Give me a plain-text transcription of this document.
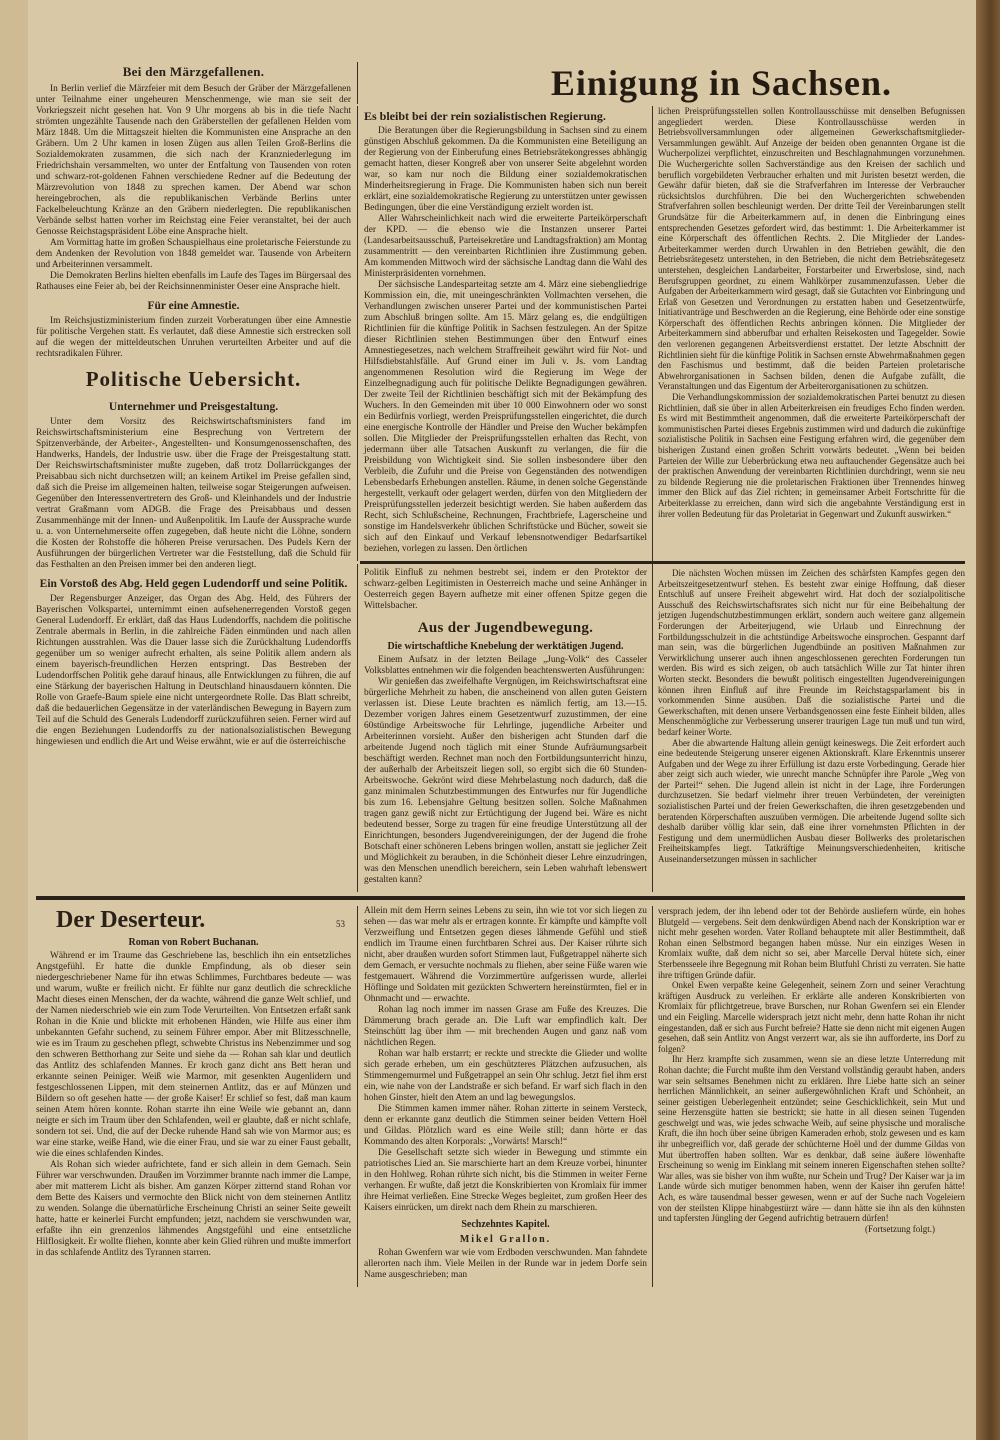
Bei den Märzgefallenen.

In Berlin verlief die Märzfeier mit dem Besuch der Gräber der Märzgefallenen unter Teilnahme einer ungeheuren Menschenmenge, wie man sie seit der Vorkriegszeit nicht gesehen hat. Von 9 Uhr morgens ab bis in die tiefe Nacht strömten ungezählte Tausende nach den Gräberstellen der gefallenen Helden vom März 1848. Um die Mittagszeit hielten die Kommunisten eine Ansprache an den Gräbern. Um 2 Uhr kamen in losen Zügen aus allen Teilen Groß-Berlins die Sozialdemokraten zusammen, die sich nach der Kranzniederlegung im Friedrichshain versammelten, wo unter der Entfaltung von Tausenden von roten und schwarz-rot-goldenen Fahnen verschiedene Redner auf die Bedeutung der Märzrevolution von 1848 zu sprechen kamen. Der Abend war schon hereingebrochen, als die republikanischen Verbände Berlins unter Fackelbeleuchtung Kränze an den Gräbern niederlegten. Die republikanischen Verbände selbst hatten vorher im Reichstag eine Feier veranstaltet, bei der auch Genosse Reichstagspräsident Löbe eine Ansprache hielt.

Am Vormittag hatte im großen Schauspielhaus eine proletarische Feierstunde zu dem Andenken der Revolution von 1848 gemeldet war. Tausende von Arbeitern und Arbeiterinnen versammelt.

Die Demokraten Berlins hielten ebenfalls im Laufe des Tages im Bürgersaal des Rathauses eine Feier ab, bei der Reichsinnenminister Oeser eine Ansprache hielt.

Für eine Amnestie.

Im Reichsjustizministerium finden zurzeit Vorberatungen über eine Amnestie für politische Vergehen statt. Es verlautet, daß diese Amnestie sich erstrecken soll auf die wegen der mitteldeutschen Unruhen verurteilten Arbeiter und auf die rechtsradikalen Führer.

Politische Uebersicht.
Unternehmer und Preisgestaltung.

Unter dem Vorsitz des Reichswirtschaftsministers fand im Reichswirtschaftsministerium eine Besprechung von Vertretern der Spitzenverbände, der Arbeiter-, Angestellten- und Konsumgenossenschaften, des Handwerks, Handels, der Industrie usw. über die Frage der Preisgestaltung statt. Der Reichswirtschaftsminister mußte zugeben, daß trotz Dollarrückganges der Preisabbau sich nicht durchsetzen will; an keinem Artikel im Preise gefallen sind, daß sich die Preise im allgemeinen halten, teilweise sogar Steigerungen aufweisen. Gegenüber den Interessenvertretern des Groß- und Kleinhandels und der Industrie vertrat Graßmann vom ADGB. die Frage des Preisabbaus und dessen Zusammenhänge mit der Innen- und Außenpolitik. Im Laufe der Aussprache wurde u. a. von Unternehmerseite offen zugegeben, daß heute nicht die Löhne, sondern die Kosten der Rohstoffe die höheren Preise verursachen. Des Pudels Kern der Ausführungen der bürgerlichen Vertreter war die Feststellung, daß die Schuld für das Festhalten an den Preisen immer bei den anderen liegt.

Ein Vorstoß des Abg. Held gegen Ludendorff und seine Politik.

Der Regensburger Anzeiger, das Organ des Abg. Held, des Führers der Bayerischen Volkspartei, unternimmt einen aufsehenerregenden Vorstoß gegen General Ludendorff. Er erklärt, daß das Haus Ludendorffs, nachdem die politische Zentrale abermals in Berlin, in die zahlreiche Fäden einmünden und nach allen Richtungen ausstrahlen. Was die Dauer lasse sich die Zurückhaltung Ludendorffs gegenüber um so weniger aufrecht erhalten, als seine Politik allem andern als einem bayerisch-freundlichen Herzen entspringt. Das Bestreben der Ludendorffschen Politik gehe darauf hinaus, alle Entwicklungen zu führen, die auf eine Stärkung der bayerischen Haltung in Deutschland hinausdauern könnten. Die Rolle von Graefe-Baum spiele eine nicht untergeordnete Rolle. Das Blatt schreibt, daß die bedauerlichen Gegensätze in der vaterländischen Bewegung in Bayern zum Teil auf die Schuld des Generals Ludendorff zurückzuführen seien. Ferner wird auf die engen Beziehungen Ludendorffs zu der nationalsozialistischen Bewegung hingewiesen und endlich die Art und Weise erwähnt, wie er auf die österreichische

Einigung in Sachsen.
Es bleibt bei der rein sozialistischen Regierung.

Die Beratungen über die Regierungsbildung in Sachsen sind zu einem günstigen Abschluß gekommen. Da die Kommunisten eine Beteiligung an der Regierung von der Einberufung eines Betriebsrätekongresses abhängig gemacht hatten, dieser Kongreß aber von unserer Seite abgelehnt worden war, so kam nur noch die Bildung einer sozialdemokratischen Minderheitsregierung in Frage. Die Kommunisten haben sich nun bereit erklärt, eine sozialdemokratische Regierung zu unterstützen unter gewissen Bedingungen, über die eine Verständigung erzielt worden ist.

Aller Wahrscheinlichkeit nach wird die erweiterte Parteikörperschaft der KPD. — die ebenso wie die Instanzen unserer Partei (Landesarbeitsausschuß, Parteisekretäre und Landtagsfraktion) am Montag zusammentritt — den vereinbarten Richtlinien ihre Zustimmung geben. Am kommenden Mittwoch wird der sächsische Landtag dann die Wahl des Ministerpräsidenten vornehmen.

Der sächsische Landesparteitag setzte am 4. März eine siebengliedrige Kommission ein, die, mit uneingeschränkten Vollmachten versehen, die Verhandlungen zwischen unserer Partei und der kommunistischen Partei zum Abschluß bringen sollte. Am 15. März gelang es, die endgültigen Richtlinien für die künftige Politik in Sachsen festzulegen. An der Spitze dieser Richtlinien stehen Bestimmungen über den Entwurf eines Amnestiegesetzes, nach welchem Straffreiheit gewährt wird für Not- und Hilfsdiebstahlsfälle. Auf Grund einer im Juli v. Js. vom Landtag angenommenen Resolution wird die Regierung im Wege der Einzelbegnadigung auch für politische Delikte Begnadigungen gewähren. Der zweite Teil der Richtlinien beschäftigt sich mit der Bekämpfung des Wuchers. In den Gemeinden mit über 10 000 Einwohnern oder wo sonst ein Bedürfnis vorliegt, werden Preisprüfungsstellen eingerichtet, die durch eine energische Kontrolle der Händler und Preise den Wucher bekämpfen sollen. Die Mitglieder der Preisprüfungsstellen erhalten das Recht, von jedermann über alle Tatsachen Auskunft zu verlangen, die für die Preisbildung von Wichtigkeit sind. Sie sollen insbesondere über den Verbleib, die Zufuhr und die Preise von Gegenständen des notwendigen Lebensbedarfs Erhebungen anstellen. Räume, in denen solche Gegenstände hergestellt, verkauft oder gelagert werden, dürfen von den Mitgliedern der Preisprüfungsstellen jederzeit besichtigt werden. Sie haben außerdem das Recht, sich Schlußscheine, Rechnungen, Frachtbriefe, Lagerscheine und sonstige im Handelsverkehr üblichen Schriftstücke und Bücher, soweit sie sich auf den Einkauf und Verkauf lebensnotwendiger Bedarfsartikel beziehen, vorlegen zu lassen. Den örtlichen

lichen Preisprüfungsstellen sollen Kontrollausschüsse mit denselben Befugnissen angegliedert werden. Diese Kontrollausschüsse werden in Betriebsvollversammlungen oder allgemeinen Gewerkschaftsmitglieder-Versammlungen gewählt. Auf Anzeige der beiden oben genannten Organe ist die Wucherpolizei verpflichtet, einzuschreiten und Beschlagnahmungen vorzunehmen. Die Wuchergerichte sollen Sachverständige aus den Kreisen der sachlich und beruflich vorgebildeten Verbraucher erhalten und mit Juristen besetzt werden, die Gewähr dafür bieten, daß sie die Strafverfahren im Interesse der Verbraucher rücksichtslos durchführen. Die bei den Wuchergerichten schwebenden Strafverfahren sollen beschleunigt werden. Der dritte Teil der Vereinbarungen stellt Grundsätze für die Arbeiterkammern auf, in denen die Einbringung eines entsprechenden Gesetzes gefordert wird, das bestimmt: 1. Die Arbeiterkammer ist eine Körperschaft des öffentlichen Rechts. 2. Die Mitglieder der Landes-Arbeiterkammer werden durch Urwahlen in den Betrieben gewählt, die den Betriebsrätegesetz unterstehen, in den Betrieben, die nicht dem Betriebsrätegesetz unterstehen, desgleichen Landarbeiter, Forstarbeiter und Erwerbslose, sind, nach Berufsgruppen geordnet, zu einem Wahlkörper zusammenzufassen. Ueber die Aufgaben der Arbeiterkammern wird gesagt, daß sie Gutachten vor Einbringung und Erlaß von Gesetzen und Verordnungen zu erstatten haben und Gesetzentwürfe, Initiativanträge und Beschwerden an die Regierung, eine Behörde oder eine sonstige Körperschaft des öffentlichen Rechts anbringen können. Die Mitglieder der Arbeiterkammern sind abberufbar und erhalten Reisekosten und Tagegelder. Sowie den verlorenen gegangenen Arbeitsverdienst erstattet. Der letzte Abschnitt der Richtlinien sieht für die künftige Politik in Sachsen ernste Abwehrmaßnahmen gegen den Faschismus und bestimmt, daß die beiden Parteien proletarische Abwehrorganisationen in Sachsen bilden, denen die Aufgabe zufällt, die Veranstaltungen und das Eigentum der Arbeiterorganisationen zu schützen.

Die Verhandlungskommission der sozialdemokratischen Partei benutzt zu diesen Richtlinien, daß sie über in allen Arbeiterkreisen ein freudiges Echo finden werden. Es wird mit Bestimmtheit angenommen, daß die erweiterte Parteikörperschaft der kommunistischen Partei dieses Ergebnis zustimmen wird und dadurch die zukünftige sozialistische Politik in Sachsen eine Festigung erfahren wird, die gegenüber dem bisherigen Zustand einen großen Schritt vorwärts bedeutet. „Wenn bei beiden Parteien der Wille zur Ueberbrückung etwa neu auftauchender Gegensätze auch bei der praktischen Anwendung der vereinbarten Richtlinien durchdringt, wenn sie neu zu bildende Regierung nie die proletarischen Fraktionen über Trennendes hinweg immer den Blick auf das Ziel richten; in gemeinsamer Arbeit Fortschritte für die Arbeiterklasse zu erreichen, dann wird sich die angebahnte Verständigung erst in ihrer vollen Bedeutung für das Proletariat in Gegenwart und Zukunft auswirken.“

Politik Einfluß zu nehmen bestrebt sei, indem er den Protektor der schwarz-gelben Legitimisten in Oesterreich mache und seine Anhänger in Oesterreich gegen Bayern aufhetze mit einer offenen Spitze gegen die Wittelsbacher.

Aus der Jugendbewegung.
Die wirtschaftliche Knebelung der werktätigen Jugend.

Einem Aufsatz in der letzten Beilage „Jung-Volk“ des Casseler Volksblattes entnehmen wir die folgenden beachtenswerten Ausführungen:

Wir genießen das zweifelhafte Vergnügen, im Reichswirtschaftsrat eine bürgerliche Mehrheit zu haben, die anscheinend von allen guten Geistern verlassen ist. Diese Leute brachten es nämlich fertig, am 13.—15. Dezember vorigen Jahres einem Gesetzentwurf zuzustimmen, der eine 60stündige Arbeitswoche für Lehrlinge, jugendliche Arbeiter und Arbeiterinnen vorsieht. Außer den bisherigen acht Stunden darf die arbeitende Jugend noch täglich mit einer Stunde Aufräumungsarbeit beschäftigt werden. Rechnet man noch den Fortbildungsunterricht hinzu, der außerhalb der Arbeitszeit liegen soll, so ergibt sich die 60 Stunden-Arbeitswoche. Gekrönt wird diese Mehrbelastung noch dadurch, daß die ganz minimalen Schutzbestimmungen des Entwurfes nur für Jugendliche bis zum 16. Lebensjahre Geltung besitzen sollen. Solche Maßnahmen tragen ganz gewiß nicht zur Ertüchtigung der Jugend bei. Wäre es nicht bedeutend besser, Sorge zu tragen für eine freudige Unterstützung all der Einrichtungen, besonders Jugendvereinigungen, der der Jugend die frohe Botschaft einer schöneren Lebens bringen wollen, anstatt sie jeglicher Zeit und Möglichkeit zu berauben, in die Schönheit dieser Lehre einzudringen, was den Menschen unendlich bereichern, sein Leben wahrhaft lebenswert gestalten kann?

Die nächsten Wochen müssen im Zeichen des schärfsten Kampfes gegen den Arbeitszeitgesetzentwurf stehen. Es besteht zwar einige Hoffnung, daß dieser Entschluß auf unsere Freiheit abgewehrt wird. Hat doch der sozialpolitische Ausschuß des Reichswirtschaftsrates sich nicht nur für eine Beibehaltung der jetzigen Jugendschutzbestimmungen erklärt, sondern auch weitere ganz allgemein Forderungen der Arbeiterjugend, wie Urlaub und Einrechnung der Fortbildungsschulzeit in die achtstündige Arbeitswoche einsprochen. Gespannt darf man sein, was die bürgerlichen Jugendbünde an positiven Maßnahmen zur Verwirklichung unserer auch ihnen angeschlossenen gerechten Forderungen tun werden. Bis wird es sich zeigen, ob auch tatsächlich Wille zur Tat hinter ihren Worten steckt. Besonders die bewußt politisch eingestellten Jugendvereinigungen können ihren Einfluß auf ihre Freunde im Reichstagsparlament bis in vorkommenden Sinne ausüben. Daß die sozialistische Partei und die Gewerkschaften, mit denen unsere Verbandsgenossen eine feste Einheit bilden, alles Menschenmögliche zur Verbesserung unserer traurigen Lage tun muß und tun wird, bedarf keiner Worte.

Aber die abwartende Haltung allein genügt keineswegs. Die Zeit erfordert auch eine bedeutende Steigerung unserer eigenen Aktionskraft. Klare Erkenntnis unserer Aufgaben und der Wege zu ihrer Erfüllung ist dazu erste Vorbedingung. Gerade hier aber zeigt sich auch wieder, wie unrecht manche Schnüpfer ihre Parole „Weg von der Partei!“ sehen. Die Jugend allein ist nicht in der Lage, ihre Forderungen durchzusetzen. Sie bedarf vielmehr ihrer treuen Verbündeten, der vereinigten sozialistischen Partei und der freien Gewerkschaften, die ihren gesetzgebenden und beratenden Körperschaften auszuüben vermögen. Die arbeitende Jugend sollte sich deshalb darüber völlig klar sein, daß eine ihrer vornehmsten Pflichten in der Festigung und dem unermüdlichen Ausbau dieser Bollwerks des proletarischen Freiheitskampfes liegt. Tatkräftige Meinungsverschiedenheiten, kritische Auseinandersetzungen müssen in sachlicher

Der Deserteur.	53
Roman von Robert Buchanan.

Während er im Traume das Geschriebene las, beschlich ihn ein entsetzliches Angstgefühl. Er hatte die dunkle Empfindung, als ob dieser sein niedergeschriebener Name für ihn etwas Schlimmes, Furchtbares bedeute — was und warum, wußte er freilich nicht. Er fühlte nur ganz deutlich die schreckliche Macht dieses einen Menschen, der da wachte, während die ganze Welt schlief, und der Namen niederschrieb wie ein zum Tode Verurteilten. Von Entsetzen erfaßt sank Rohan in die Knie und blickte mit erhobenen Händen, wie Hilfe aus einer ihm unbekannten Gefahr suchend, zu seinem Führer empor. Aber mit Blitzesschnelle, wie es im Traum zu geschehen pflegt, schwebte Christus ins Nebenzimmer und sog den schweren Betthorhang zur Seite und siehe da — Rohan sah klar und deutlich das Antlitz des schlafenden Mannes. Er kroch ganz dicht ans Bett heran und erkannte seinen Peiniger. Weiß wie Marmor, mit gesenkten Augenlidern und festgeschlossenen Lippen, mit dem steinernen Antlitz, das er auf Münzen und Bildern so oft gesehen hatte — der große Kaiser! Er schlief so fest, daß man kaum seinen Atem hören konnte. Rohan starrte ihn eine Weile wie gebannt an, dann neigte er sich im Traum über den Schlafenden, weil er glaubte, daß er nicht schlafe, sondern tot sei. Und, die auf der Decke ruhende Hand sah wie von Marmor aus; es war eine starke, weiße Hand, wie die einer Frau, und sie war zu einer Faust geballt, wie die eines schlafenden Kindes.

Als Rohan sich wieder aufrichtete, fand er sich allein in dem Gemach. Sein Führer war verschwunden. Draußen im Vorzimmer brannte nach immer die Lampe, aber mit matterem Licht als bisher. Am ganzen Körper zitternd stand Rohan vor dem Bette des Kaisers und vermochte den Blick nicht von dem steinernen Antlitz zu wenden. Solange die übernatürliche Erscheinung Christi an seiner Seite geweilt hatte, hatte er keinerlei Furcht empfunden; jetzt, nachdem sie verschwunden war, erfaßte ihn ein grenzenlos lähmendes Angstgefühl und eine entsetzliche Hilflosigkeit. Er wollte fliehen, konnte aber kein Glied rühren und mußte immerfort in das schlafende Antlitz des Tyrannen starren.

Allein mit dem Herrn seines Lebens zu sein, ihn wie tot vor sich liegen zu sehen — das war mehr als er ertragen konnte. Er kämpfte und kämpfte voll Verzweiflung und Entsetzen gegen dieses lähmende Gefühl und stieß endlich im Traume einen furchtbaren Schrei aus. Der Kaiser rührte sich nicht, aber draußen wurden sofort Stimmen laut, Fußgetrappel näherte sich dem Gemach, er versuchte nochmals zu fliehen, aber seine Füße waren wie festgemauert. Während die Vorzimmertüre aufgerissen wurde, allerlei Höflinge und Soldaten mit gezückten Schwertern hereinstürmten, fiel er in Ohnmacht und — erwachte.

Rohan lag noch immer im nassen Grase am Fuße des Kreuzes. Die Dämmerung brach gerade an. Die Luft war empfindlich kalt. Der Steinschütt lag über ihm — mit brechenden Augen und ganz naß vom nächtlichen Regen.

Rohan war halb erstarrt; er reckte und streckte die Glieder und wollte sich gerade erheben, um ein geschützteres Plätzchen aufzusuchen, als Stimmengemurmel und Fußgetrappel an sein Ohr schlug. Jetzt fiel ihm erst ein, wie nahe von der Landstraße er sich befand. Er warf sich flach in den hohen Ginster, hielt den Atem an und lag bewegungslos.

Die Stimmen kamen immer näher. Rohan zitterte in seinem Versteck, denn er erkannte ganz deutlich die Stimmen seiner beiden Vettern Hoël und Gildas. Plötzlich ward es eine Weile still; dann hörte er das Kommando des alten Korporals: „Vorwärts! Marsch!“

Die Gesellschaft setzte sich wieder in Bewegung und stimmte ein patriotisches Lied an. Sie marschierte hart an dem Kreuze vorbei, hinunter in den Hohlweg. Rohan rührte sich nicht, bis die Stimmen in weiter Ferne verhangen. Er wußte, daß jetzt die Konskribierten von Kromlaix für immer ihre Heimat verließen. Eine Strecke Weges begleitet, zum großen Heer des Kaisers einrücken, um direkt nach dem Rhein zu marschieren.

Sechzehntes Kapitel.
Mikel Grallon.

Rohan Gwenfern war wie vom Erdboden verschwunden. Man fahndete allerorten nach ihm. Viele Meilen in der Runde war in jedem Dorfe sein Name ausgeschrieben; man

versprach jedem, der ihn lebend oder tot der Behörde ausliefern würde, ein hohes Blutgeld — vergebens. Seit dem denkwürdigen Abend nach der Konskription war er nicht mehr gesehen worden. Vater Rolland behauptete mit aller Bestimmtheit, daß Rohan einen Selbstmord begangen haben müsse. Nur ein einziges Wesen in Kromlaix wußte, daß dem nicht so sei, aber Marcelle Derval hütete sich, einer Sterbensseele ihre Begegnung mit Rohan beim Blutfuhl Christi zu verraten. Sie hatte ihre triftigen Gründe dafür.

Onkel Ewen verpaßte keine Gelegenheit, seinem Zorn und seiner Verachtung kräftigen Ausdruck zu verleihen. Er erklärte alle anderen Konskribierten von Kromlaix für pflichtgetreue, brave Burschen, nur Rohan Gwenfern sei ein Elender und ein Feigling. Marcelle widersprach jetzt nicht mehr, denn hatte Rohan ihr nicht eingestanden, daß er sich aus Furcht befreie? Hatte sie denn nicht mit eigenen Augen gesehen, daß sein Antlitz von Angst verzerrt war, als sie ihn aufforderte, ins Dorf zu folgen?

Ihr Herz krampfte sich zusammen, wenn sie an diese letzte Unterredung mit Rohan dachte; die Furcht mußte ihm den Verstand vollständig geraubt haben, anders war sein seltsames Benehmen nicht zu erklären. Ihre Liebe hatte sich an seiner herrlichen Männlichkeit, an seiner außergewöhnlichen Kraft und Schönheit, an seiner geistigen Ueberlegenheit entzündet; seine Geschicklichkeit, sein Mut und seine Herzensgüte hatten sie bestrickt; sie hatte in all diesen seinen Tugenden geschwelgt und was, wie jedes schwache Weib, auf seine physische und moralische Kraft, die ihn hoch über seine übrigen Kameraden erhob, stolz gewesen und es kam ihr unbegreiflich vor, daß gerade der schüchterne Hoël und der dumme Gildas von Mut übertroffen haben sollten. War es denkbar, daß seine äußere löwenhafte Erscheinung so wenig im Einklang mit seinem inneren Eigenschaften stehen sollte? War alles, was sie bisher von ihm wußte, nur Schein und Trug? Der Kaiser war ja im Lande würde sich mutiger benommen haben, wenn der Kaiser ihn gerufen hätte! Ach, es wäre tausendmal besser gewesen, wenn er auf der Suche nach Vogeleiern von der steilsten Klippe hinabgestürzt wäre — dann hätte sie ihn als den kühnsten und tapfersten Jüngling der Gegend aufrichtig betrauern dürfen!

(Fortsetzung folgt.)
